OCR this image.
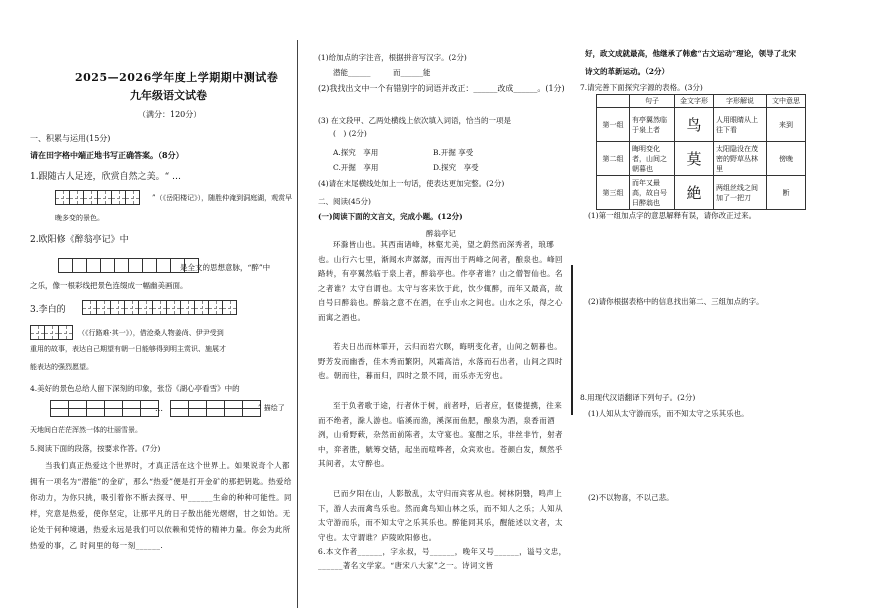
2025—2026学年度上学期期中测试卷
九年级语文试卷
（满分：120分）
一、积累与运用(15分)
请在田字格中端正地书写正确答案。（8分）
1.跟随古人足迹，欣赏自然之美。“ …
”（《岳阳楼记》），随胜仲淹到洞庭湖，观赏早
晚多变的景色。
2.欧阳修《醉翁亭记》中
是全文的思想意脉，“醉”中
之乐，像一根彩线把景色连缀成一幅幽美画面。
3.李白的
（《行路难·其一》），借沧桑人物姜尚、伊尹受到
重用的故事，表达自己期望有朝一日能够得到明主赏识、施展才
能表达的强烈愿望。
4.美好的景色总给人留下深刻的印象，张岱《湖心亭看雪》中的

…

					” 描绘了
天地间白茫茫浑然一体的壮丽雪景。
5.阅读下面的段落，按要求作答。(7分)
当我们真正热爱这个世界时，才真正活在这个世界上。如果说奇个人都拥有一项名为“潜能”的金矿，那么“热爱”便是打开金矿的那把钥匙。热爱给你动力，为你只挑，吸引着你不断去探寻、甲______生命的种种可能性。同样，究意是热爱，使你坚定，让那平凡的日子散出能光熠熠，甘之如饴。无论处于何种境遇，热爱永远是我们可以依赖和凭恃的精神力量。你会为此所热爱的事，乙 时间里的每一刻______.
(1)给加点的字注音，根据拼音写汉字。(2分)
潜能______　　　而______能
(2)我找出文中一个有错别字的词语并改正：______改成______。(1分)
(3) 在文段甲、乙两处横线上依次填入词语，恰当的一项是
(　) (2分)
A.探究　享用	B.开掘 享受
C.开掘　享用	D.探究　享受
(4)请在末尾横线处加上一句话，使表达更加完整。(2分)
二、阅读(45分)
(一)阅读下面的文言文，完成小题。(12分)
醉翁亭记
环滁皆山也。其西南诸峰，林壑尤美，望之蔚然而深秀者，琅琊也。山行六七里，渐闻水声潺潺，而泻出于两峰之间者，酿泉也。峰回路转，有亭翼然临于泉上者，醉翁亭也。作亭者谁？山之僧智仙也。名之者谁？太守自谓也。太守与客来饮于此，饮少辄醉，而年又最高，故自号曰醉翁也。醉翁之意不在酒，在乎山水之间也。山水之乐，得之心而寓之酒也。
若夫日出而林霏开，云归而岩穴暝，晦明变化者，山间之朝暮也。野芳发而幽香，佳木秀而繁阴，风霜高洁，水落而石出者，山间之四时也。朝而往，暮而归，四时之景不同，而乐亦无穷也。
至于负者歌于途，行者休于树，前者呼，后者应，伛偻提携，往来而不绝者，滁人游也。临溪而渔，溪深而鱼肥，酿泉为酒，泉香而酒洌，山肴野蔌，杂然而前陈者，太守宴也。宴酣之乐，非丝非竹，射者中，弈者胜，觥筹交错，起坐而喧哗者，众宾欢也。苍颜白发，颓然乎其间者，太守醉也。
已而夕阳在山，人影散乱，太守归而宾客从也。树林阴翳，鸣声上下，游人去而禽鸟乐也。然而禽鸟知山林之乐，而不知人之乐；人知从太守游而乐，而不知太守之乐其乐也。醉能同其乐，醒能述以文者，太守也。太守谓谁？庐陵欧阳修也。
6.本文作者______，字永叔，号______，晚年又号______，谥号文忠，______著名文学家。“唐宋八大家”之一。诗词文皆
好，政文成就最高，他继承了韩愈“古文运动”理论，领导了北宋
诗文的革新运动。（2分）
7.请完善下面探究字源的表格。(3分)
	句子	金文字形	字形解说	文中意思
第一组	有亭翼然临于泉上者	鸟	人用眼睛从上往下看	来到
第二组	晦明变化者，山间之朝暮也	莫	太阳隐没在茂密的野草丛林里	傍晚
第三组	而年又最高，故自号曰醉翁也	絶	两组丝线之间加了一把刀	断
(1)第一组加点字的意思解释有误，请你改正过来。
(2)请你根据表格中的信息找出第二、三组加点的字。
8.用现代汉语翻译下列句子。(2分)
(1)人知从太守游而乐，而不知太守之乐其乐也。
(2)不以物喜，不以己悲。
